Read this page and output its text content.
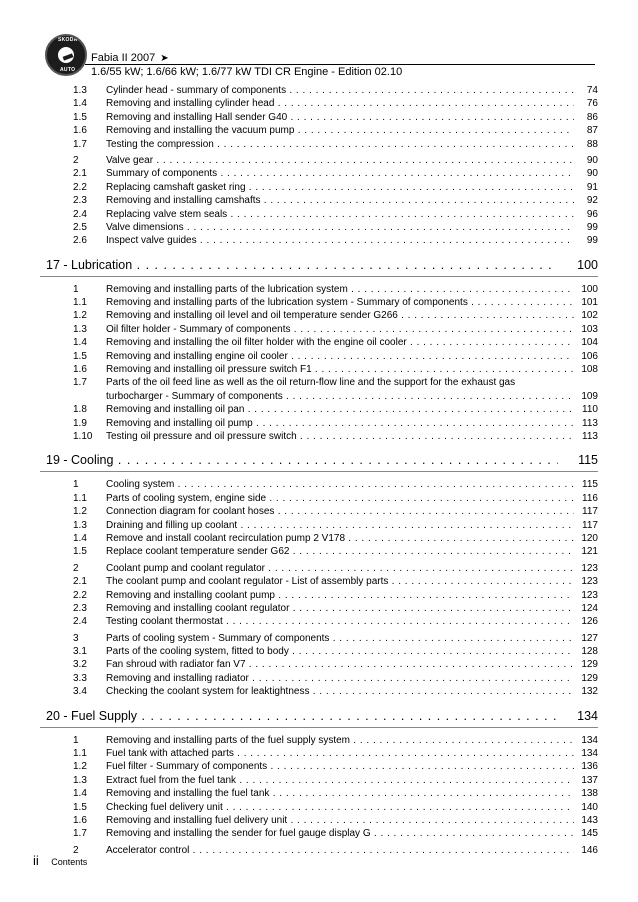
ŠKODA
AUTO
Fabia II 2007 ➤
1.6/55 kW; 1.6/66 kW; 1.6/77 kW TDI CR Engine - Edition 02.10
1.3 Cylinder head - summary of components . . .	74
1.4 Removing and installing cylinder head . . .	76
1.5 Removing and installing Hall sender G40 . . .	86
1.6 Removing and installing the vacuum pump . . .	87
1.7 Testing the compression . . .	88
2	Valve gear . . .	90
2.1 Summary of components . . .	90
2.2 Replacing camshaft gasket ring . . .	91
2.3 Removing and installing camshafts . . .	92
2.4 Replacing valve stem seals . . .	96
2.5 Valve dimensions . . .	99
2.6 Inspect valve guides . . .	99
17 - Lubrication . . .	100
1	Removing and installing parts of the lubrication system . . .	100
1.1 Removing and installing parts of the lubrication system - Summary of components . . .	101
1.2 Removing and installing oil level and oil temperature sender G266 . . .	102
1.3 Oil filter holder - Summary of components . . .	103
1.4 Removing and installing the oil filter holder with the engine oil cooler . . .	104
1.5 Removing and installing engine oil cooler . . .	106
1.6 Removing and installing oil pressure switch F1 . . .	108
1.7 Parts of the oil feed line as well as the oil return-flow line and the support for the exhaust gas
turbocharger - Summary of components . . .	109
1.8 Removing and installing oil pan . . .	110
1.9 Removing and installing oil pump . . .	113
1.10 Testing oil pressure and oil pressure switch . . .	113
19 - Cooling . . .	115
1	Cooling system . . .	115
1.1 Parts of cooling system, engine side . . .	116
1.2 Connection diagram for coolant hoses . . .	117
1.3 Draining and filling up coolant . . .	117
1.4 Remove and install coolant recirculation pump 2 V178 . . .	120
1.5 Replace coolant temperature sender G62 . . .	121
2	Coolant pump and coolant regulator . . .	123
2.1 The coolant pump and coolant regulator - List of assembly parts . . .	123
2.2 Removing and installing coolant pump . . .	123
2.3 Removing and installing coolant regulator . . .	124
2.4 Testing coolant thermostat . . .	126
3	Parts of cooling system - Summary of components . . .	127
3.1 Parts of the cooling system, fitted to body . . .	128
3.2 Fan shroud with radiator fan V7 . . .	129
3.3 Removing and installing radiator . . .	129
3.4 Checking the coolant system for leaktightness . . .	132
20 - Fuel Supply . . .	134
1	Removing and installing parts of the fuel supply system . . .	134
1.1 Fuel tank with attached parts . . .	134
1.2 Fuel filter - Summary of components . . .	136
1.3 Extract fuel from the fuel tank . . .	137
1.4 Removing and installing the fuel tank . . .	138
1.5 Checking fuel delivery unit . . .	140
1.6 Removing and installing fuel delivery unit . . .	143
1.7 Removing and installing the sender for fuel gauge display G . . .	145
2	Accelerator control . . .	146
ii Contents
